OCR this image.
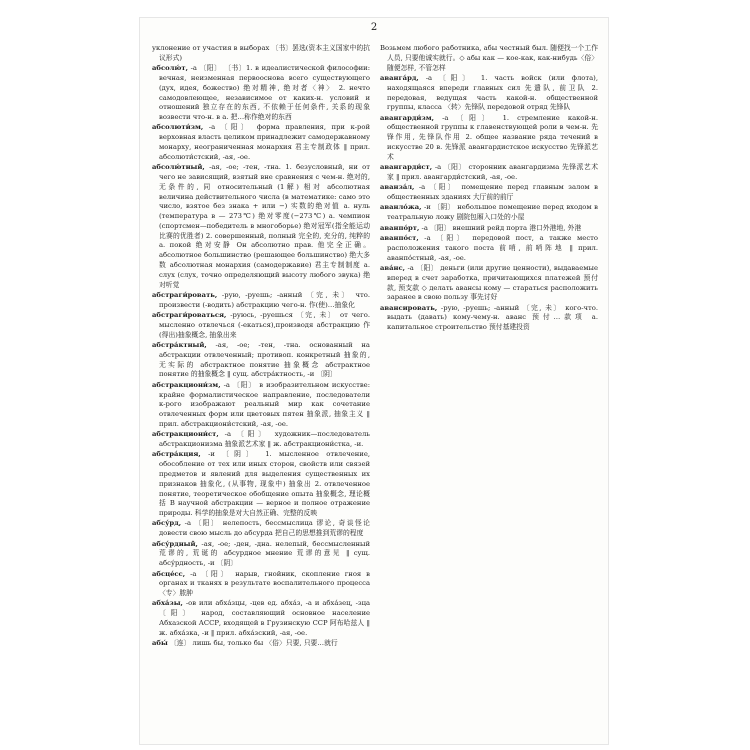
2

уклонение от участия в выборах 〔书〕罢选(资本主义国家中的抗议形式)

абсолю́т, -а 〔阳〕 〔书〕1. в идеалистической философии: вечная, неизменная первооснова всего существующего (дух, идея, божество) 绝对精神, 绝对者〈神〉 2. нечто самодовлеющее, независимое от каких-н. условий и отношений 独立存在的东西, 不依赖于任何条件, 关系的现象 возвести что-н. в а. 把…称作绝对的东西

абсолюти́зм, -а 〔阳〕 форма правления, при к-рой верховная власть целиком принадлежит самодержавному монарху, неограниченная монархия 君主专制政体 ‖ прил. абсолюти́стский, -ая, -ое.

абсолю́тный, -ая, -ое; -тен, -тна. 1. безусловный, ни от чего не зависящий, взятый вне сравнения с чем-н. 绝对的, 无条件的, 同 относительный (1解) 相对 абсолютная величина действительного числа (в математике: само это число, взятое без знака + или −) 实数的绝对值 а. нуль (температура в — 273℃) 绝对零度(−273℃) а. чемпион (спортсмен—победитель в многоборье) 绝对冠军(指全能运动比赛的优胜者) 2. совершенный, полный 完全的, 充分的, 纯粹的 а. покой 绝对安静 Он абсолютно прав. 他完全正确。абсолютное большинство (решающее большинство) 绝大多数 абсолютная монархия (самодержавие) 君主专制制度 а. слух (слух, точно определяющий высоту любого звука) 绝对听觉

абстраги́ровать, -рую, -руешь; -анный 〔完, 未〕 что. произвести (-водить) абстракцию чего-н. 作(使)…抽象化

абстраги́роваться, -руюсь, -руешься 〔完, 未〕 от чего. мысленно отвлечься (-екаться),производя абстракцию 作(得出)抽象概念, 抽象出来

абстра́ктный, -ая, -ое; -тен, -тна. основанный на абстракции отвлеченный; противоп. конкретный 抽象的, 无实际的 абстрактное понятие 抽象概念 абстрактное понятие 的抽象概念 ‖ сущ. абстра́ктность, -и 〔阴〕

абстракциони́зм, -а 〔阳〕 в изобразительном искусстве: крайне формалистическое направление, последователи к-рого изображают реальный мир как сочетание отвлеченных форм или цветовых пятен 抽象派, 抽象主义 ‖ прил. абстракциони́стский, -ая, -ое.

абстракциони́ст, -а 〔阳〕 художник—последователь абстракционизма 抽象派艺术家 ‖ ж. абстракциони́стка, -и.

абстра́кция, -и 〔阴〕 1. мысленное отвлечение, обособление от тех или иных сторон, свойств или связей предметов и явлений для выделения существенных их признаков 抽象化, (从事物, 现象中) 抽象出 2. отвлеченное понятие, теоретическое обобщение опыта 抽象概念, 理论概括 В научной абстракции — верное и полное отражение природы. 科学的抽象是对大自然正确、完整的反映

абсу́рд, -а 〔阳〕 нелепость, бессмыслица 谬论, 奇谈怪论 довести свою мысль до абсурда 把自己的思想推到荒谬的程度

абсу́рдный, -ая, -ое; -ден, -дна. нелепый, бессмысленный 荒谬的, 荒诞的 абсурдное мнение 荒谬的意见 ‖ сущ. абсу́рдность, -и 〔阴〕

абсце́сс, -а 〔阳〕 нарыв, гнойник, скопление гноя в органах и тканях в результате воспалительного процесса 〈专〉脓肿

абха́зы, -ов или абха́зцы, -цев ед. абха́з, -а и абха́зец, -зца 〔阳〕 народ, составляющий основное население Абхазской АССР, входящей в Грузинскую ССР 阿布哈兹人 ‖ ж. абха́зка, -и ‖ прил. абха́зский, -ая, -ое.

абы́ 〔连〕 лишь бы, только бы 〈俗〉只要, 只要…就行

Возьмем любого работника, абы честный был. 随便找一个工作人员, 只要他诚实就行。◇ абы как — кое-как, как-нибудь〈俗〉随便怎样, 不管怎样

аванга́рд, -а 〔阳〕 1. часть войск (или флота), находящаяся впереди главных сил 先遣队, 前卫队 2. передовая, ведущая часть какой-н. общественной группы, класса 〈转〉先锋队 передовой отряд 先锋队

авангарди́зм, -а 〔阳〕 1. стремление какой-н. общественной группы к главенствующей роли в чем-н. 先锋作用, 先锋队作用 2. общее название ряда течений в искусстве 20 в. 先锋派 авангардистское искусство 先锋派艺术

авангарди́ст, -а 〔阳〕 сторонник авангардизма 先锋派艺术家 ‖ прил. авангарди́стский, -ая, -ое.

аванза́л, -а 〔阳〕 помещение перед главным залом в общественных зданиях 大厅前的前厅

аванло́жа, -и 〔阴〕 небольшое помещение перед входом в театральную ложу 剧院包厢入口处的小屋

аванпо́рт, -а 〔阳〕 внешний рейд порта 港口外港地, 外港

аванпо́ст, -а 〔阳〕 передовой пост, а также место расположения такого поста 前哨, 前哨阵地 ‖ прил. аванпо́стный, -ая, -ое.

ава́нс, -а 〔阳〕 деньги (или другие ценности), выдаваемые вперед в счет заработка, причитающихся платежей 预付款, 预支款 ◇ делать авансы кому — стараться расположить заранее в свою пользу 事先讨好

авансировать, -рую, -руешь; -анный 〔完, 未〕 кого-что. выдать (давать) кому-чему-н. аванс 预付…款项 а. капитальное строительство 预付基建投资
